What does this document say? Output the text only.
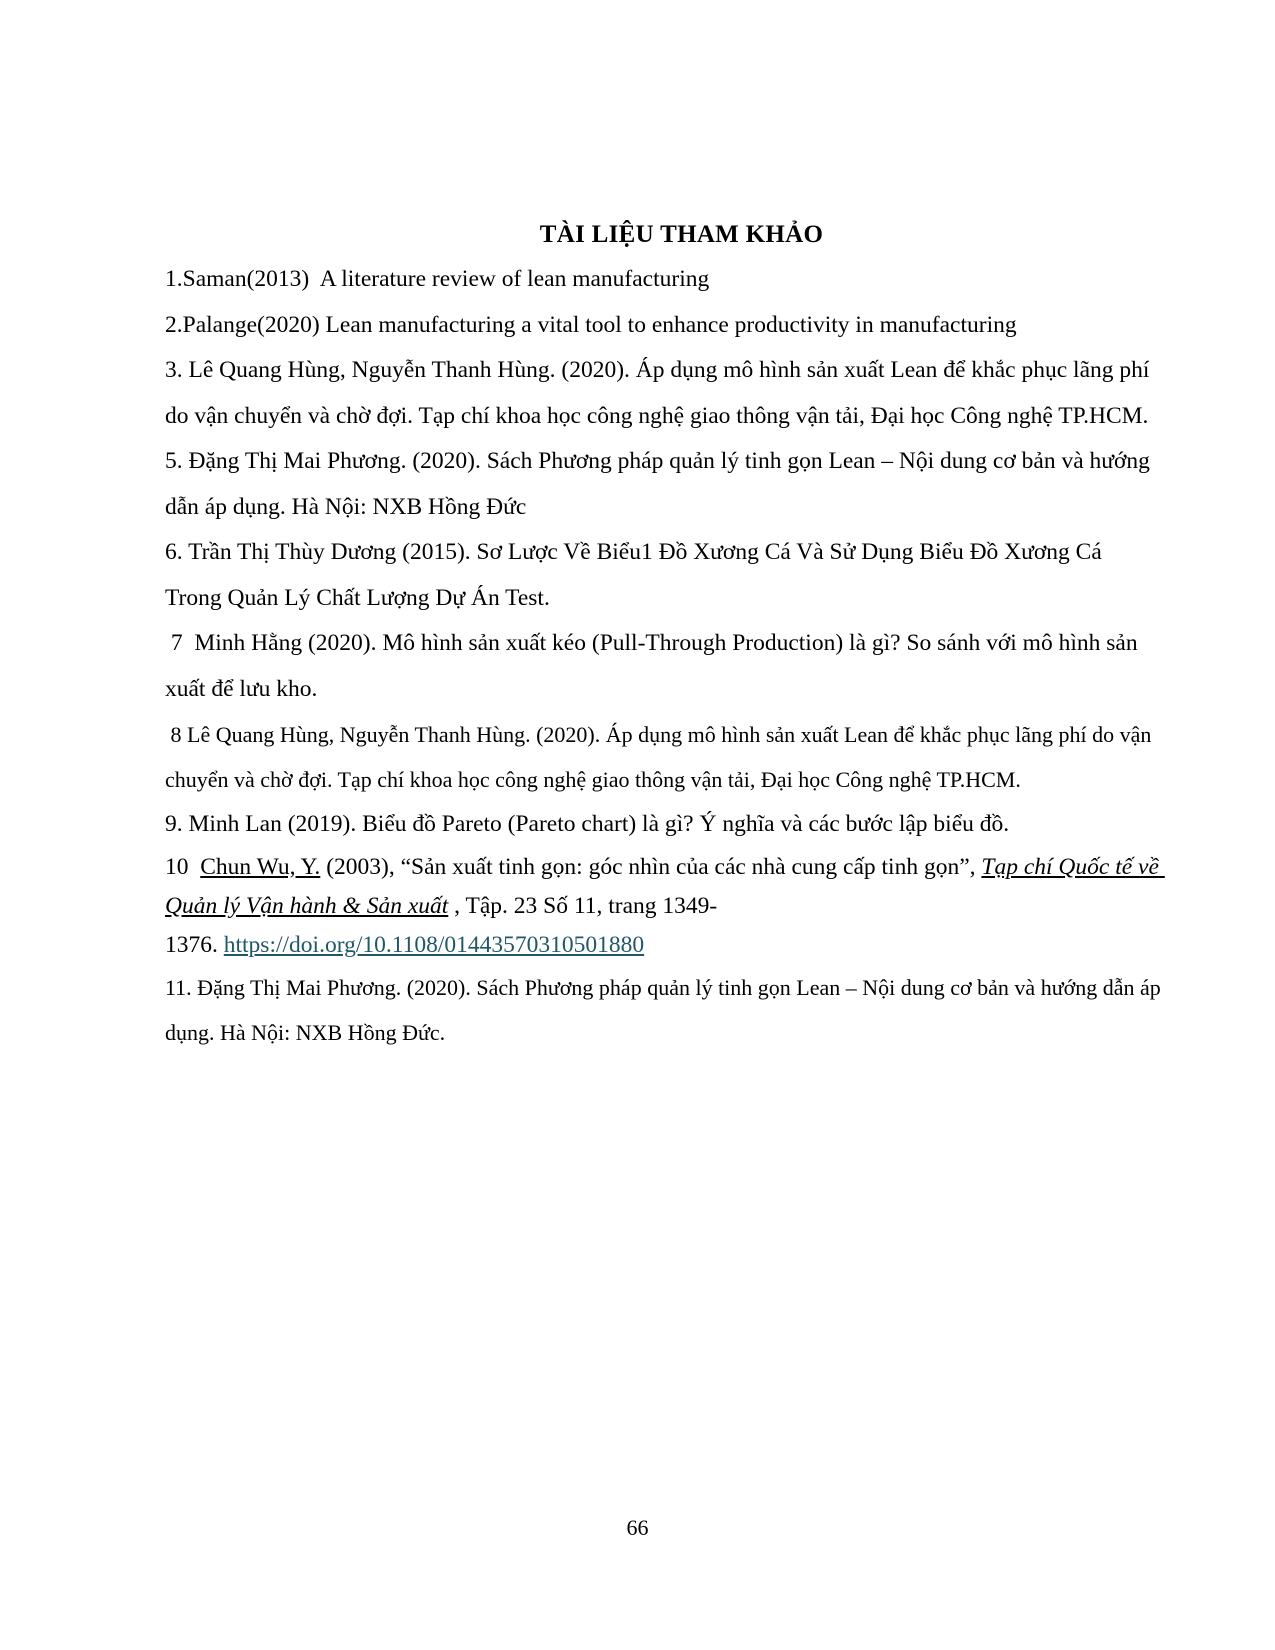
TÀI LIỆU THAM KHẢO

1.Saman(2013)  A literature review of lean manufacturing

2.Palange(2020) Lean manufacturing a vital tool to enhance productivity in manufacturing

3. Lê Quang Hùng, Nguyễn Thanh Hùng. (2020). Áp dụng mô hình sản xuất Lean để khắc phục lãng phí do vận chuyển và chờ đợi. Tạp chí khoa học công nghệ giao thông vận tải, Đại học Công nghệ TP.HCM.

5. Đặng Thị Mai Phương. (2020). Sách Phương pháp quản lý tinh gọn Lean – Nội dung cơ bản và hướng dẫn áp dụng. Hà Nội: NXB Hồng Đức

6. Trần Thị Thùy Dương (2015). Sơ Lược Về Biểu1 Đồ Xương Cá Và Sử Dụng Biểu Đồ Xương Cá Trong Quản Lý Chất Lượng Dự Án Test.

7  Minh Hằng (2020). Mô hình sản xuất kéo (Pull-Through Production) là gì? So sánh với mô hình sản xuất để lưu kho.

8 Lê Quang Hùng, Nguyễn Thanh Hùng. (2020). Áp dụng mô hình sản xuất Lean để khắc phục lãng phí do vận chuyển và chờ đợi. Tạp chí khoa học công nghệ giao thông vận tải, Đại học Công nghệ TP.HCM.

9. Minh Lan (2019). Biểu đồ Pareto (Pareto chart) là gì? Ý nghĩa và các bước lập biểu đồ.

10  Chun Wu, Y. (2003), “Sản xuất tinh gọn: góc nhìn của các nhà cung cấp tinh gọn”, Tạp chí Quốc tế về Quản lý Vận hành & Sản xuất , Tập. 23 Số 11, trang 1349-
1376. https://doi.org/10.1108/01443570310501880

11. Đặng Thị Mai Phương. (2020). Sách Phương pháp quản lý tinh gọn Lean – Nội dung cơ bản và hướng dẫn áp dụng. Hà Nội: NXB Hồng Đức.

66
